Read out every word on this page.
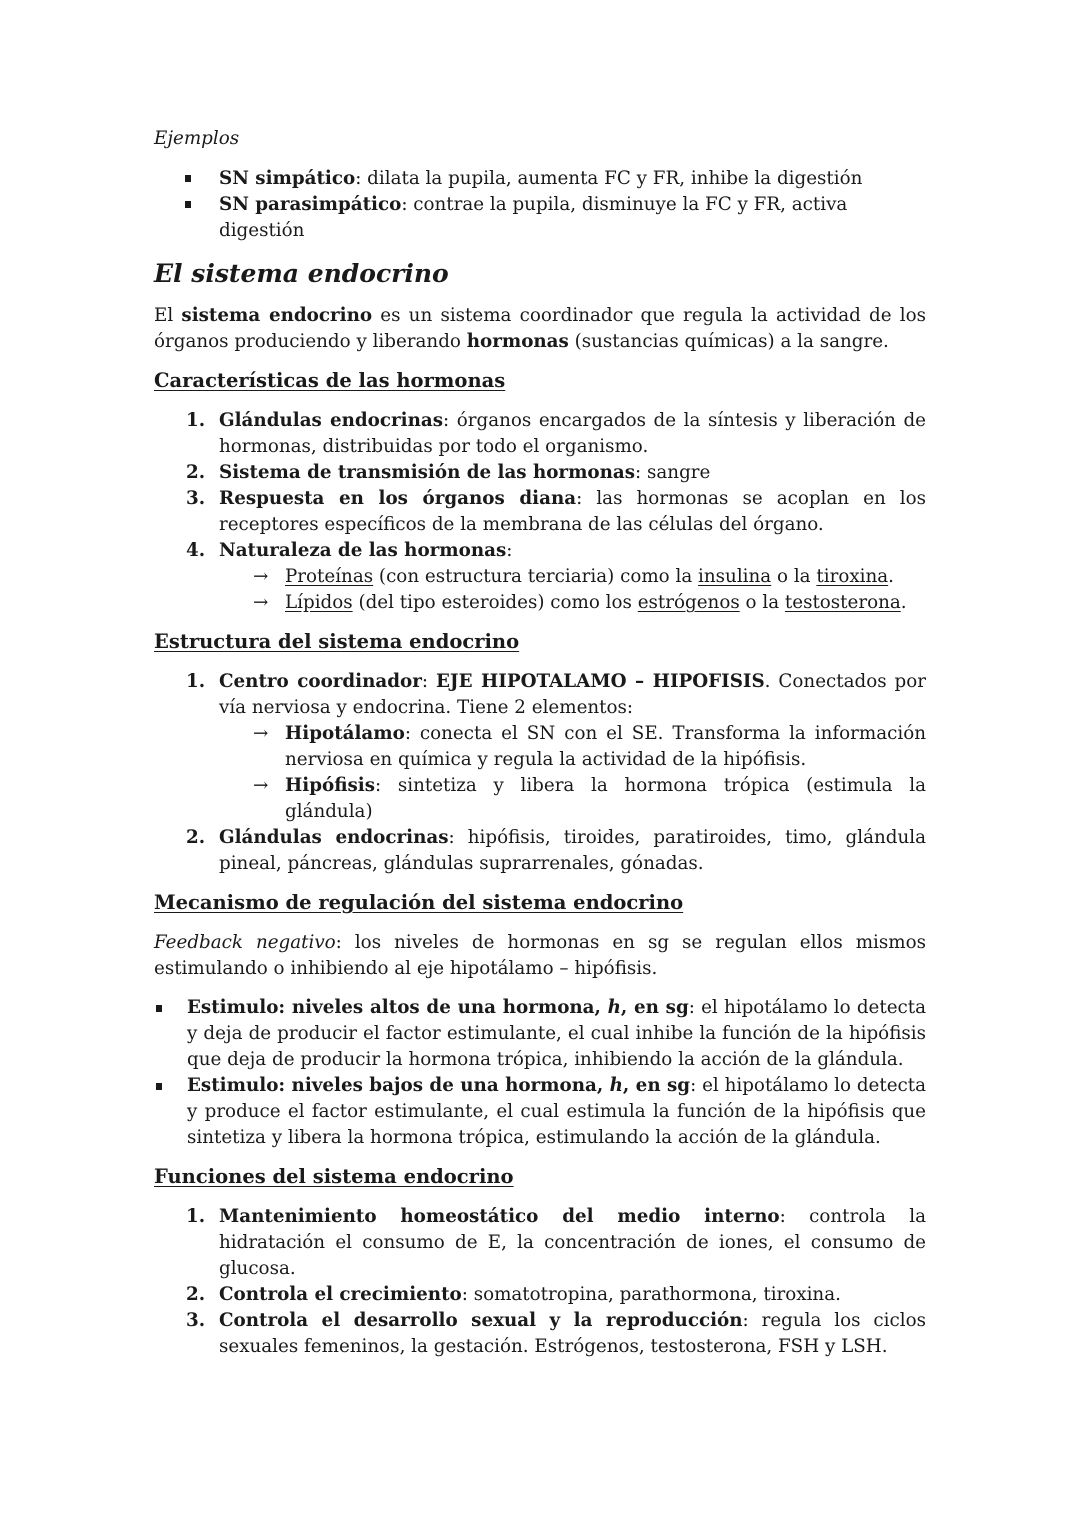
Ejemplos

SN simpático: dilata la pupila, aumenta FC y FR, inhibe la digestión
SN parasimpático: contrae la pupila, disminuye la FC y FR, activa digestión
El sistema endocrino

El sistema endocrino es un sistema coordinador que regula la actividad de los órganos produciendo y liberando hormonas (sustancias químicas) a la sangre.

Características de las hormonas
1. Glándulas endocrinas: órganos encargados de la síntesis y liberación de hormonas, distribuidas por todo el organismo.
2. Sistema de transmisión de las hormonas: sangre
3. Respuesta en los órganos diana: las hormonas se acoplan en los receptores específicos de la membrana de las células del órgano.
4. Naturaleza de las hormonas:
→ Proteínas (con estructura terciaria) como la insulina o la tiroxina.
→ Lípidos (del tipo esteroides) como los estrógenos o la testosterona.
Estructura del sistema endocrino
1. Centro coordinador: EJE HIPOTALAMO – HIPOFISIS. Conectados por vía nerviosa y endocrina. Tiene 2 elementos:
→ Hipotálamo: conecta el SN con el SE. Transforma la información nerviosa en química y regula la actividad de la hipófisis.
→ Hipófisis: sintetiza y libera la hormona trópica (estimula la glándula)
2. Glándulas endocrinas: hipófisis, tiroides, paratiroides, timo, glándula pineal, páncreas, glándulas suprarrenales, gónadas.
Mecanismo de regulación del sistema endocrino

Feedback negativo: los niveles de hormonas en sg se regulan ellos mismos estimulando o inhibiendo al eje hipotálamo – hipófisis.

Estimulo: niveles altos de una hormona, h, en sg: el hipotálamo lo detecta y deja de producir el factor estimulante, el cual inhibe la función de la hipófisis que deja de producir la hormona trópica, inhibiendo la acción de la glándula.
Estimulo: niveles bajos de una hormona, h, en sg: el hipotálamo lo detecta y produce el factor estimulante, el cual estimula la función de la hipófisis que sintetiza y libera la hormona trópica, estimulando la acción de la glándula.
Funciones del sistema endocrino
1. Mantenimiento homeostático del medio interno: controla la hidratación el consumo de E, la concentración de iones, el consumo de glucosa.
2. Controla el crecimiento: somatotropina, parathormona, tiroxina.
3. Controla el desarrollo sexual y la reproducción: regula los ciclos sexuales femeninos, la gestación. Estrógenos, testosterona, FSH y LSH.
